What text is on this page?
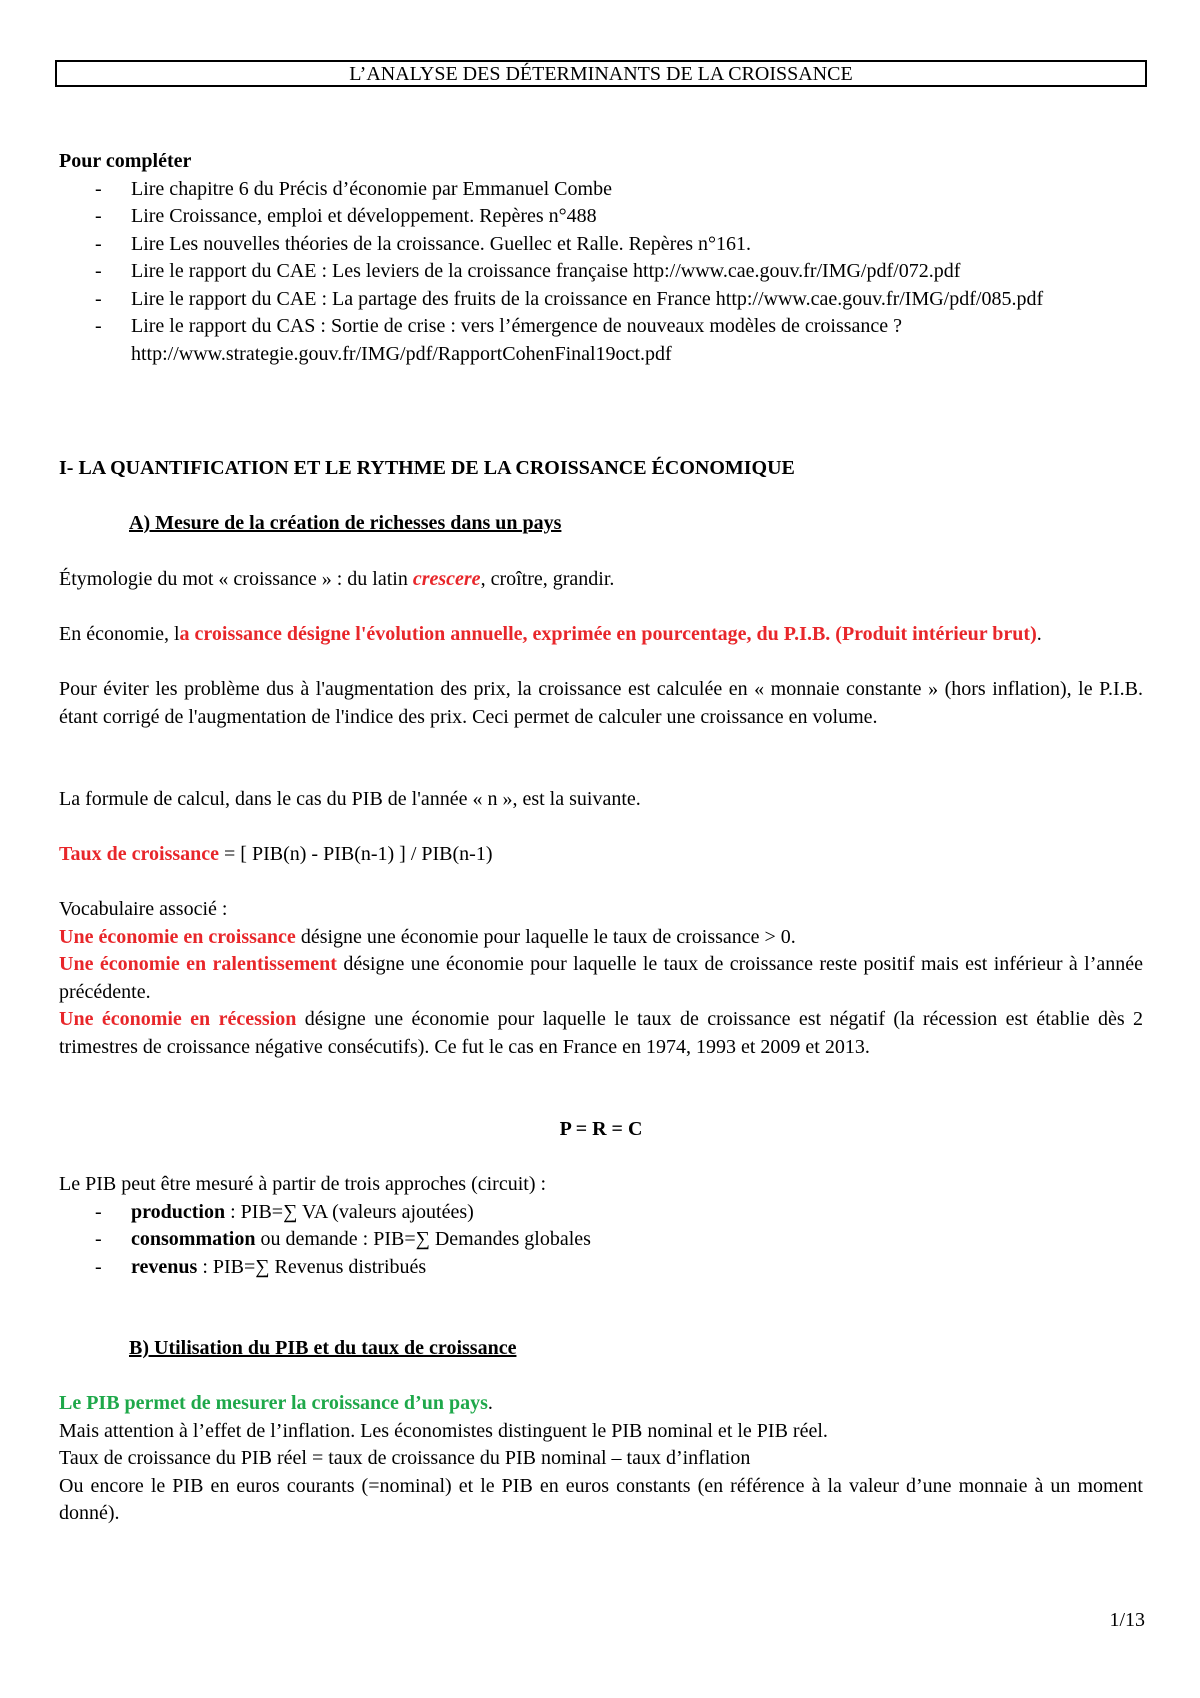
L’ANALYSE DES DÉTERMINANTS DE LA CROISSANCE
Pour compléter
- Lire chapitre 6 du Précis d’économie par Emmanuel Combe
- Lire Croissance, emploi et développement. Repères n°488
- Lire Les nouvelles théories de la croissance. Guellec et Ralle. Repères n°161.
- Lire le rapport du CAE : Les leviers de la croissance française http://www.cae.gouv.fr/IMG/pdf/072.pdf
- Lire le rapport du CAE : La partage des fruits de la croissance en France http://www.cae.gouv.fr/IMG/pdf/085.pdf
- Lire le rapport du CAS : Sortie de crise : vers l’émergence de nouveaux modèles de croissance ? http://www.strategie.gouv.fr/IMG/pdf/RapportCohenFinal19oct.pdf
I- LA QUANTIFICATION ET LE RYTHME DE LA CROISSANCE ÉCONOMIQUE
A) Mesure de la création de richesses dans un pays
Étymologie du mot « croissance » : du latin crescere, croître, grandir.
En économie, la croissance désigne l'évolution annuelle, exprimée en pourcentage, du P.I.B. (Produit intérieur brut).
Pour éviter les problème dus à l'augmentation des prix, la croissance est calculée en « monnaie constante » (hors inflation), le P.I.B. étant corrigé de l'augmentation de l'indice des prix. Ceci permet de calculer une croissance en volume.
La formule de calcul, dans le cas du PIB de l'année « n », est la suivante.
Taux de croissance = [ PIB(n) - PIB(n-1) ] / PIB(n-1)
Vocabulaire associé :
Une économie en croissance désigne une économie pour laquelle le taux de croissance > 0.
Une économie en ralentissement désigne une économie pour laquelle le taux de croissance reste positif mais est inférieur à l’année précédente.
Une économie en récession désigne une économie pour laquelle le taux de croissance est négatif (la récession est établie dès 2 trimestres de croissance négative consécutifs). Ce fut le cas en France en 1974, 1993 et 2009 et 2013.
P = R = C
Le PIB peut être mesuré à partir de trois approches (circuit) :
- production : PIB=∑ VA (valeurs ajoutées)
- consommation ou demande : PIB=∑ Demandes globales
- revenus : PIB=∑ Revenus distribués
B) Utilisation du PIB et du taux de croissance
Le PIB permet de mesurer la croissance d’un pays.
Mais attention à l’effet de l’inflation. Les économistes distinguent le PIB nominal et le PIB réel.
Taux de croissance du PIB réel = taux de croissance du PIB nominal – taux d’inflation
Ou encore le PIB en euros courants (=nominal) et le PIB en euros constants (en référence à la valeur d’une monnaie à un moment donné).
1/13
